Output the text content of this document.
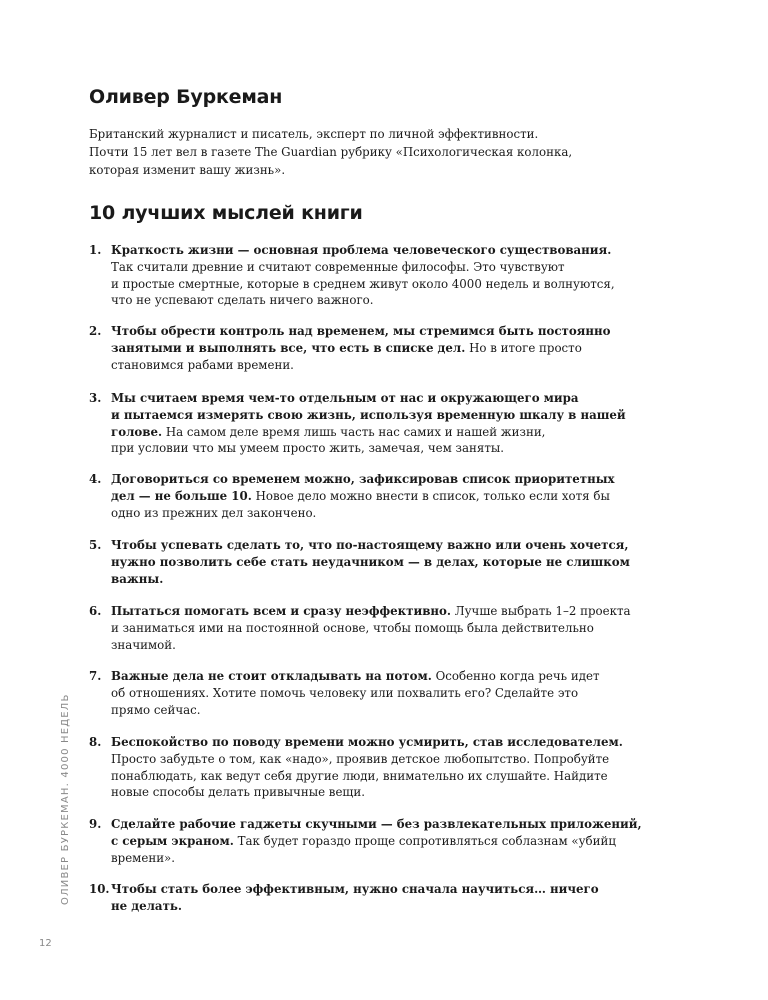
Оливер Буркеман
Британский журналист и писатель, эксперт по личной эффективности.
Почти 15 лет вел в газете The Guardian рубрику «Психологическая колонка,
которая изменит вашу жизнь».
10 лучших мыслей книги
1. Краткость жизни — основная проблема человеческого существования.
Так считали древние и считают современные философы. Это чувствуют
и простые смертные, которые в среднем живут около 4000 недель и волнуются,
что не успевают сделать ничего важного.
2. Чтобы обрести контроль над временем, мы стремимся быть постоянно
занятыми и выполнять все, что есть в списке дел. Но в итоге просто
становимся рабами времени.
3. Мы считаем время чем-то отдельным от нас и окружающего мира
и пытаемся измерять свою жизнь, используя временную шкалу в нашей
голове. На самом деле время лишь часть нас самих и нашей жизни,
при условии что мы умеем просто жить, замечая, чем заняты.
4. Договориться со временем можно, зафиксировав список приоритетных
дел — не больше 10. Новое дело можно внести в список, только если хотя бы
одно из прежних дел закончено.
5. Чтобы успевать сделать то, что по-настоящему важно или очень хочется,
нужно позволить себе стать неудачником — в делах, которые не слишком
важны.
6. Пытаться помогать всем и сразу неэффективно. Лучше выбрать 1–2 проекта
и заниматься ими на постоянной основе, чтобы помощь была действительно
значимой.
7. Важные дела не стоит откладывать на потом. Особенно когда речь идет
об отношениях. Хотите помочь человеку или похвалить его? Сделайте это
прямо сейчас.
8. Беспокойство по поводу времени можно усмирить, став исследователем.
Просто забудьте о том, как «надо», проявив детское любопытство. Попробуйте
понаблюдать, как ведут себя другие люди, внимательно их слушайте. Найдите
новые способы делать привычные вещи.
9. Сделайте рабочие гаджеты скучными — без развлекательных приложений,
с серым экраном. Так будет гораздо проще сопротивляться соблазнам «убийц
времени».
10. Чтобы стать более эффективным, нужно сначала научиться… ничего
не делать.
ОЛИВЕР БУРКЕМАН. 4000 НЕДЕЛЬ
12
